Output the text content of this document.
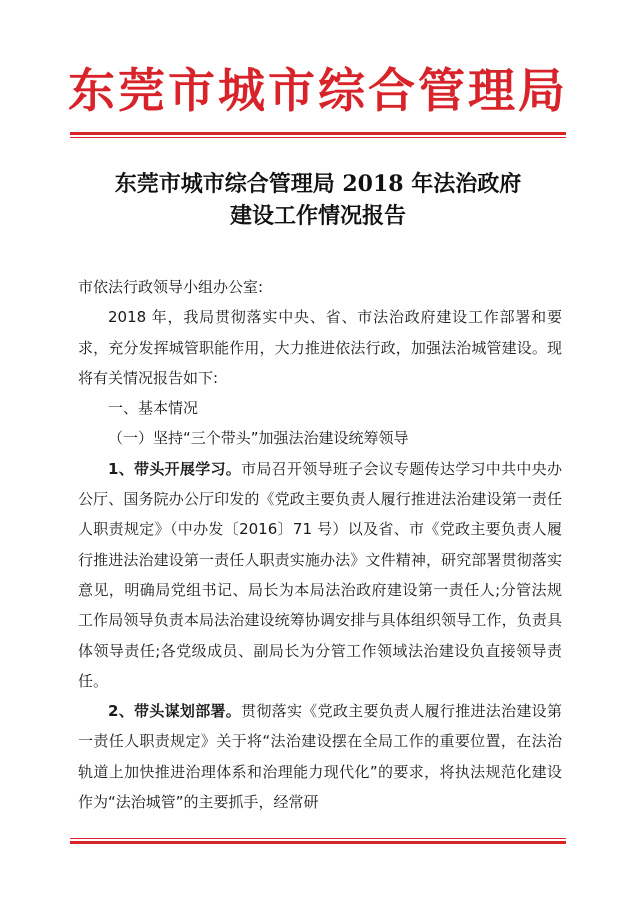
东莞市城市综合管理局
东莞市城市综合管理局 2018 年法治政府
建设工作情况报告

市依法行政领导小组办公室:

2018 年，我局贯彻落实中央、省、市法治政府建设工作部署和要求，充分发挥城管职能作用，大力推进依法行政，加强法治城管建设。现将有关情况报告如下:

一、基本情况

（一）坚持“三个带头”加强法治建设统筹领导

1、带头开展学习。市局召开领导班子会议专题传达学习中共中央办公厅、国务院办公厅印发的《党政主要负责人履行推进法治建设第一责任人职责规定》（中办发〔2016〕71 号）以及省、市《党政主要负责人履行推进法治建设第一责任人职责实施办法》文件精神，研究部署贯彻落实意见，明确局党组书记、局长为本局法治政府建设第一责任人;分管法规工作局领导负责本局法治建设统筹协调安排与具体组织领导工作，负责具体领导责任;各党级成员、副局长为分管工作领域法治建设负直接领导责任。

2、带头谋划部署。贯彻落实《党政主要负责人履行推进法治建设第一责任人职责规定》关于将“法治建设摆在全局工作的重要位置，在法治轨道上加快推进治理体系和治理能力现代化”的要求，将执法规范化建设作为“法治城管”的主要抓手，经常研
